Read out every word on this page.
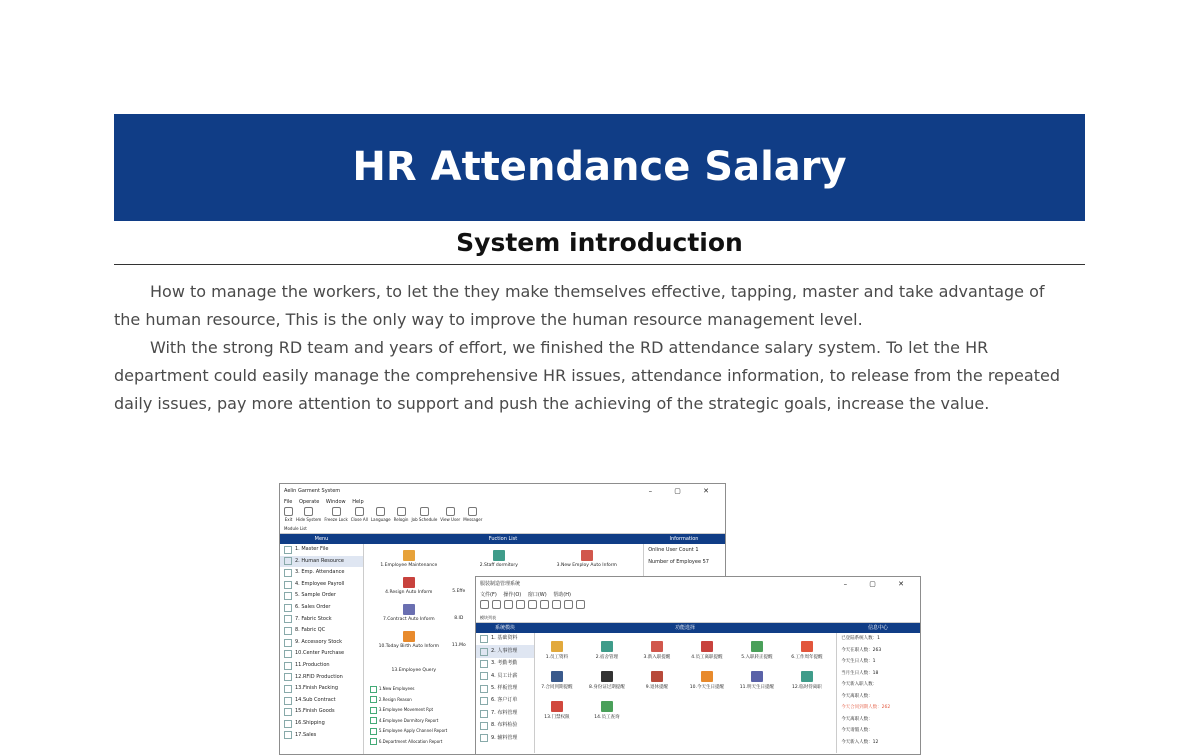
HR Attendance Salary
System introduction

How to manage the workers, to let the they make themselves effective, tapping, master and take advantage of the human resource, This is the only way to improve the human resource management level.

With the strong RD team and years of effort, we finished the RD attendance salary system. To let the HR department could easily manage the comprehensive HR issues, attendance information, to release from the repeated daily issues, pay more attention to support and push the achieving of the strategic goals, increase the value.

Aelin Garment System	– ▢ ✕
File Operate Window Help
Exit Hide System Freeze Lock Close All Language Relogin Job Schedule View User Messager
Module List
Menu	Fuction List	Information
1. Master File
2. Human Resource
3. Emp. Attendance
4. Employee Payroll
5. Sample Order
6. Sales Order
7. Fabric Stock
8. Fabric QC
9. Accessory Stock
10.Center Purchase
11.Production
12.RFID Production
13.Finish Packing
14.Sub Contract
15.Finish Goods
16.Shipping
17.Sales
1.Employee Maintenance	2.Staff dormitory	3.New Employ Auto Inform
4.Resign Auto Inform	5.Effe
7.Contract Auto Inform	8.ID
10.Today Birth Auto Inform	11.Mo
13.Employee Query
1.New Employees
2.Resign Reason
3.Employee Movement Rpt
4.Employee Dormitory Report
5.Employee Apply Channel Report
6.Department Allocation Report
Online User Count 1
Number of Employee 57
服装制造管理系统	– ▢ ✕
文件(F) 操作(O) 窗口(W) 帮助(H)
模块列表
系统模块	功能选择	信息中心
1. 基础资料
2. 人事管理
3. 考勤考勤
4. 员工计薪
5. 样板管理
6. 客户订单
7. 布料管理
8. 布料检验
9. 辅料管理
1.员工资料	2.宿舍管理	3.新入职提醒	4.员工离职提醒	5.入职转正提醒	6.工作周年提醒
7.合同到期提醒	8.身份证过期提醒	9.退休提醒	10.今天生日提醒	11.明天生日提醒	12.临时待离职
13.门禁权限	14.员工查询
已登陆系统人数：1
今天在职人数：263
今天生日人数：1
当月生日人数：18
今天新入职人数：
今天离职人数：
今天合同到期人数：262
今天离职人数：
今天请假人数：
今天新入人数：12
